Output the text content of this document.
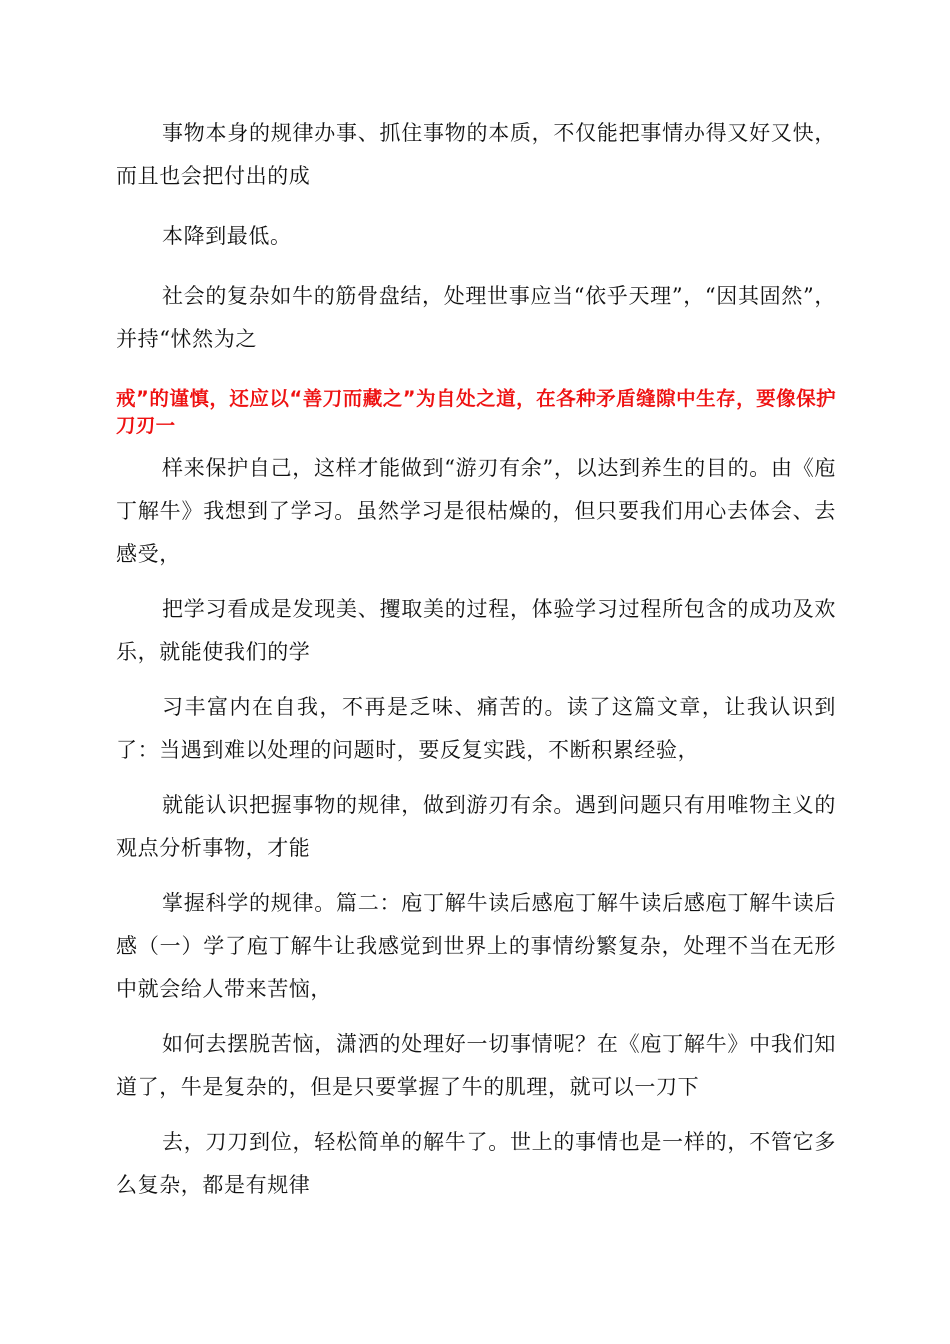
事物本身的规律办事、抓住事物的本质，不仅能把事情办得又好又快，而且也会把付出的成

本降到最低。

社会的复杂如牛的筋骨盘结，处理世事应当“依乎天理”，“因其固然”，并持“怵然为之

戒”的谨慎，还应以“善刀而藏之”为自处之道，在各种矛盾缝隙中生存，要像保护刀刃一

样来保护自己，这样才能做到“游刃有余”，以达到养生的目的。由《庖丁解牛》我想到了学习。虽然学习是很枯燥的，但只要我们用心去体会、去感受，

把学习看成是发现美、攫取美的过程，体验学习过程所包含的成功及欢乐，就能使我们的学

习丰富内在自我，不再是乏味、痛苦的。读了这篇文章，让我认识到了：当遇到难以处理的问题时，要反复实践，不断积累经验，

就能认识把握事物的规律，做到游刃有余。遇到问题只有用唯物主义的观点分析事物，才能

掌握科学的规律。篇二：庖丁解牛读后感庖丁解牛读后感庖丁解牛读后感（一）学了庖丁解牛让我感觉到世界上的事情纷繁复杂，处理不当在无形中就会给人带来苦恼，

如何去摆脱苦恼，潇洒的处理好一切事情呢？在《庖丁解牛》中我们知道了，牛是复杂的，但是只要掌握了牛的肌理，就可以一刀下

去，刀刀到位，轻松简单的解牛了。世上的事情也是一样的，不管它多么复杂，都是有规律
